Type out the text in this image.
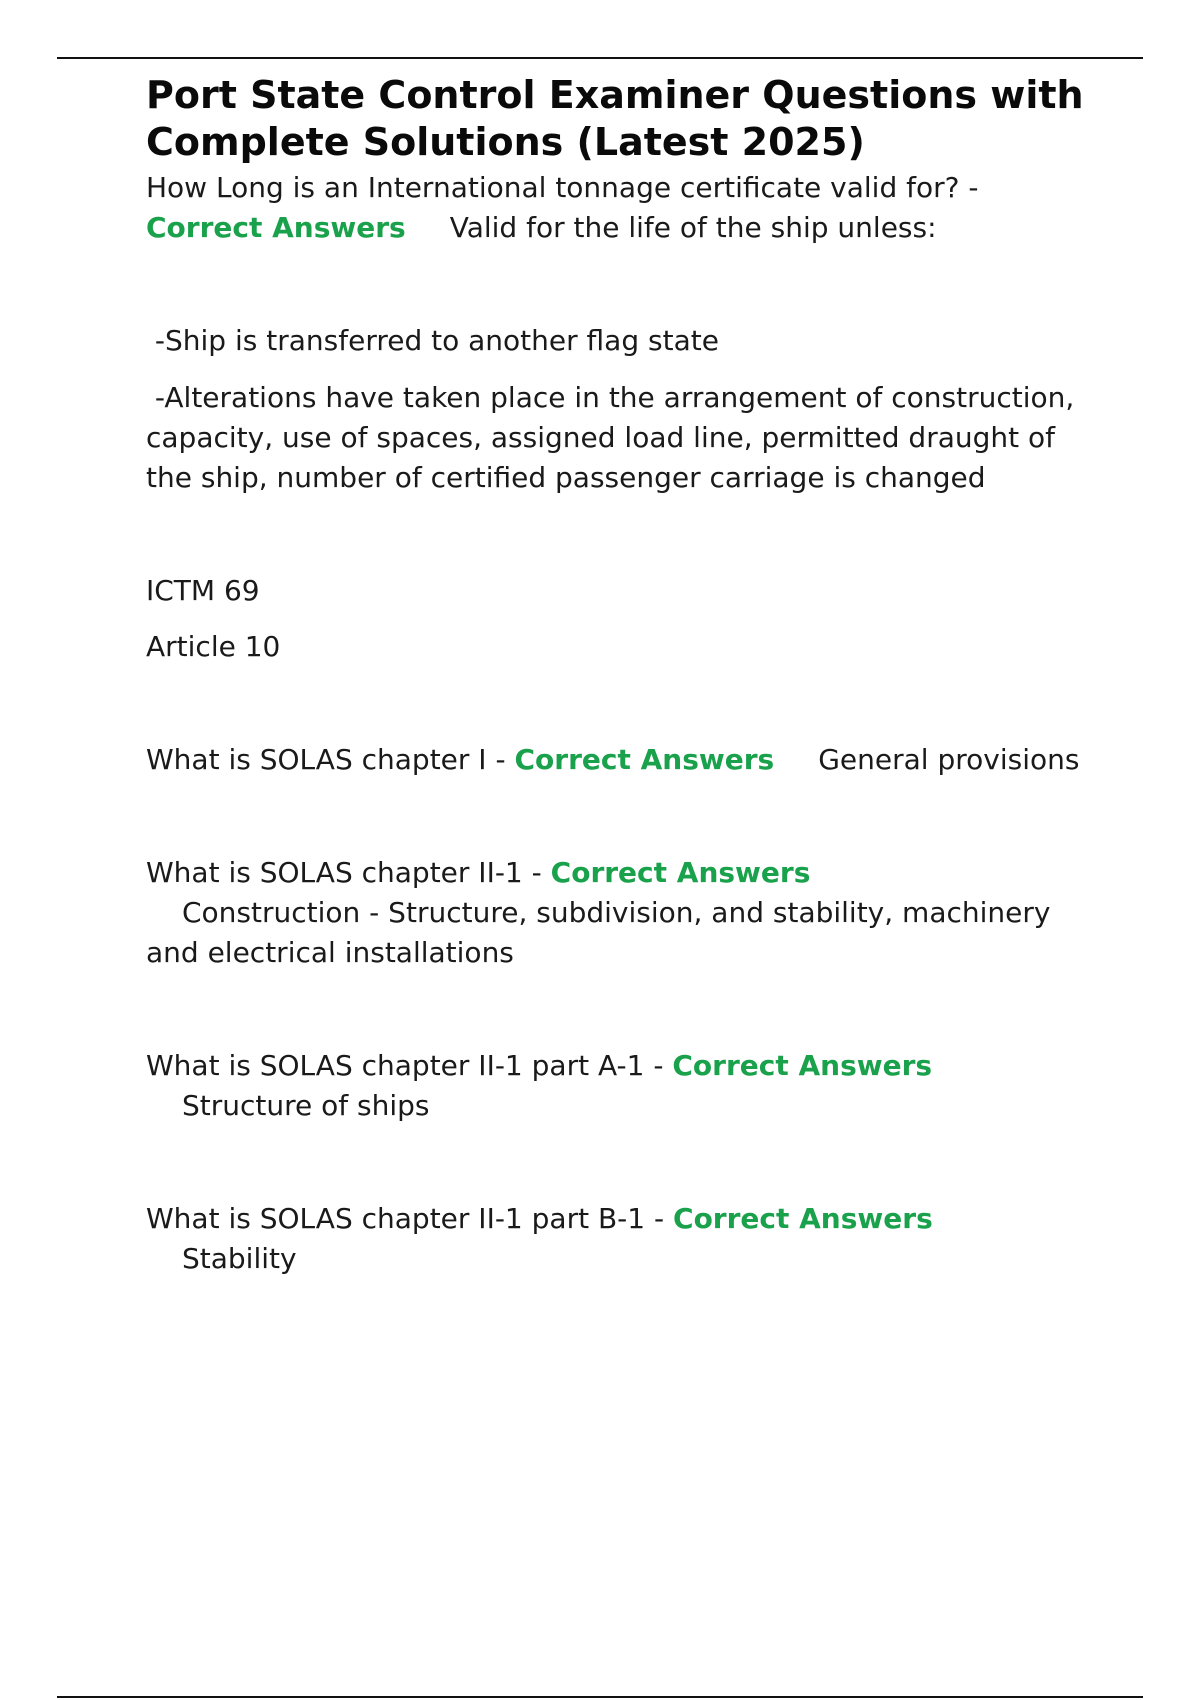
Port State Control Examiner Questions with Complete Solutions (Latest 2025)

How Long is an International tonnage certificate valid for? -
Correct Answers Valid for the life of the ship unless:

-Ship is transferred to another flag state

-Alterations have taken place in the arrangement of construction, capacity, use of spaces, assigned load line, permitted draught of the ship, number of certified passenger carriage is changed

ICTM 69

Article 10

What is SOLAS chapter I - Correct Answers General provisions

What is SOLAS chapter II-1 - Correct Answers
Construction - Structure, subdivision, and stability, machinery and electrical installations

What is SOLAS chapter II-1 part A-1 - Correct Answers
Structure of ships

What is SOLAS chapter II-1 part B-1 - Correct Answers
Stability
